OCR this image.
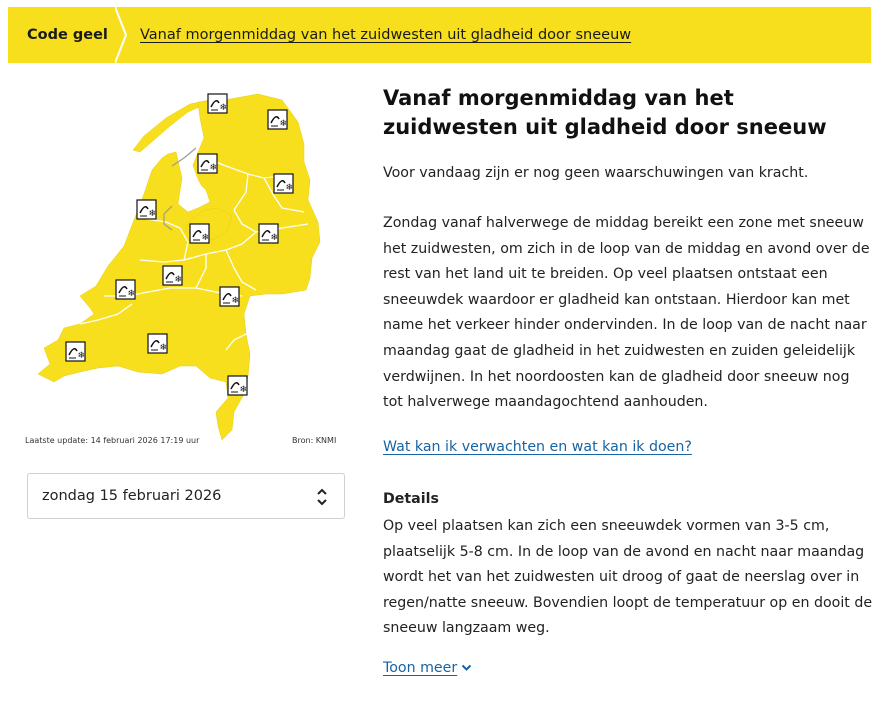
Code geel Vanaf morgenmiddag van het zuidwesten uit gladheid door sneeuw
❄
❄
❄
❄
❄
❄	❄
❄
❄
❄
❄
❄
❄
Laatste update: 14 februari 2026 17:19 uur	Bron: KNMI
zondag 15 februari 2026
Vanaf morgenmiddag van het zuidwesten uit gladheid door sneeuw

Voor vandaag zijn er nog geen waarschuwingen van kracht.

Zondag vanaf halverwege de middag bereikt een zone met sneeuw het zuidwesten, om zich in de loop van de middag en avond over de rest van het land uit te breiden. Op veel plaatsen ontstaat een sneeuwdek waardoor er gladheid kan ontstaan. Hierdoor kan met name het verkeer hinder ondervinden. In de loop van de nacht naar maandag gaat de gladheid in het zuidwesten en zuiden geleidelijk verdwijnen. In het noordoosten kan de gladheid door sneeuw nog tot halverwege maandagochtend aanhouden.

Wat kan ik verwachten en wat kan ik doen?
Details

Op veel plaatsen kan zich een sneeuwdek vormen van 3-5 cm, plaatselijk 5-8 cm. In de loop van de avond en nacht naar maandag wordt het van het zuidwesten uit droog of gaat de neerslag over in regen/natte sneeuw. Bovendien loopt de temperatuur op en dooit de sneeuw langzaam weg.

Toon meer
